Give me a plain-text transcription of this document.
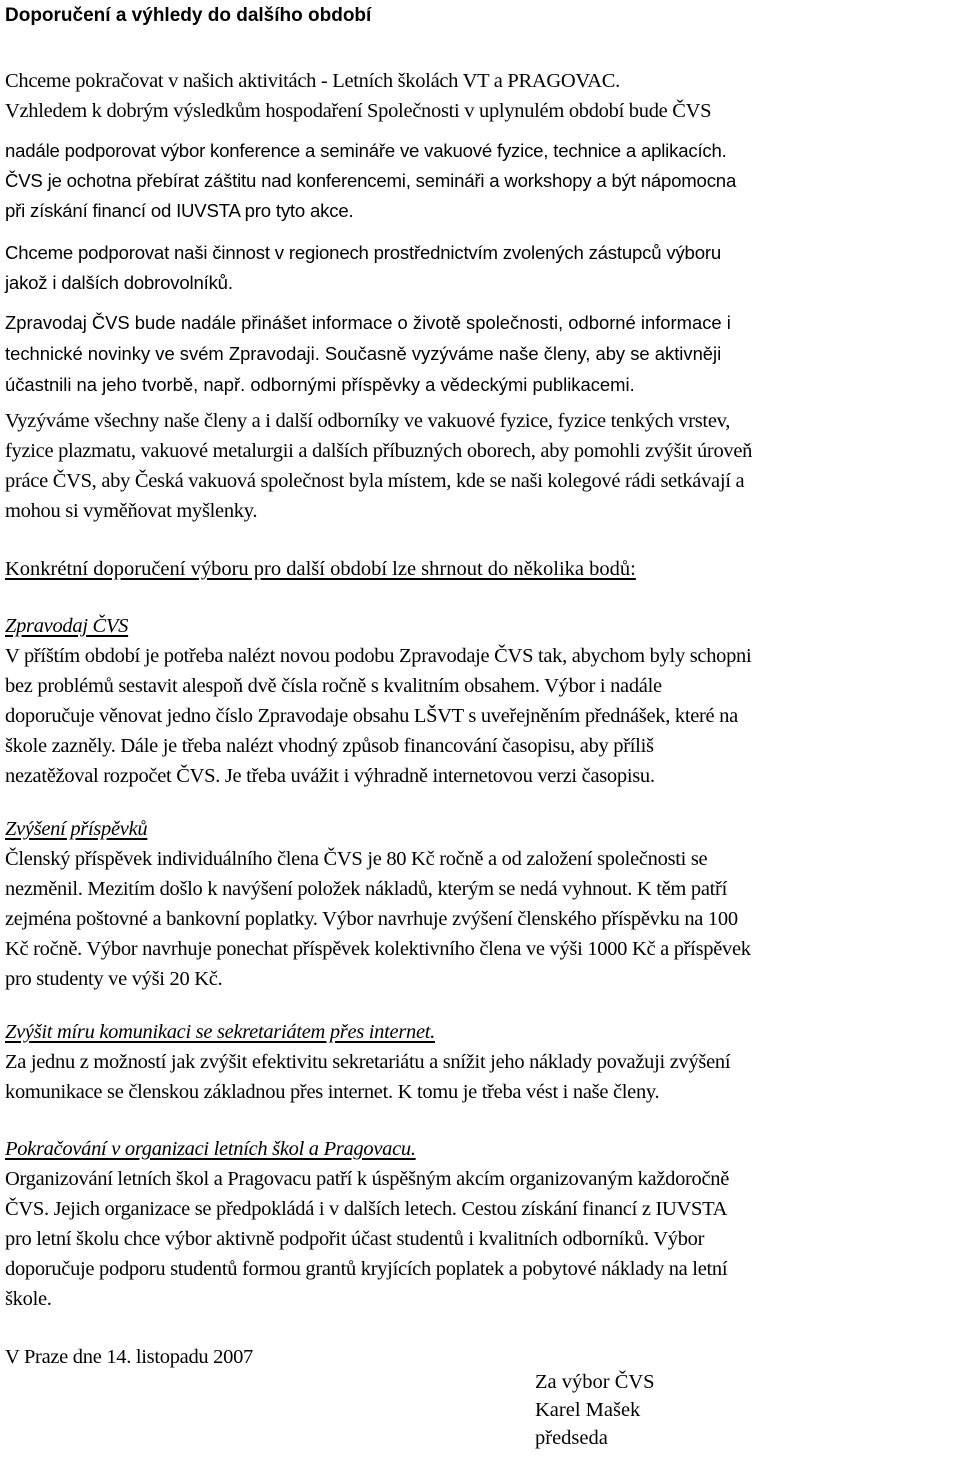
Doporučení a výhledy do dalšího období
Chceme pokračovat v našich aktivitách - Letních školách VT a PRAGOVAC.
Vzhledem k dobrým výsledkům hospodaření Společnosti v uplynulém období bude ČVS
nadále podporovat výbor konference a semináře ve vakuové fyzice, technice a aplikacích.
ČVS je ochotna přebírat záštitu nad konferencemi, semináři a workshopy a být nápomocna
při získání financí od IUVSTA pro tyto akce.
Chceme podporovat naši činnost v regionech prostřednictvím zvolených zástupců výboru
jakož i dalších dobrovolníků.
Zpravodaj ČVS bude nadále přinášet informace o životě společnosti, odborné informace i
technické novinky ve svém Zpravodaji. Současně vyzýváme naše členy, aby se aktivněji
účastnili na jeho tvorbě, např. odbornými příspěvky a vědeckými publikacemi.
Vyzýváme všechny naše členy a i další odborníky ve vakuové fyzice, fyzice tenkých vrstev,
fyzice plazmatu, vakuové metalurgii a dalších příbuzných oborech, aby pomohli zvýšit úroveň
práce ČVS, aby Česká vakuová společnost byla místem, kde se naši kolegové rádi setkávají a
mohou si vyměňovat myšlenky.
Konkrétní doporučení výboru pro další období lze shrnout do několika bodů:
Zpravodaj ČVS
V příštím období je potřeba nalézt novou podobu Zpravodaje ČVS tak, abychom byly schopni
bez problémů sestavit alespoň dvě čísla ročně s kvalitním obsahem. Výbor i nadále
doporučuje věnovat jedno číslo Zpravodaje obsahu LŠVT s uveřejněním přednášek, které na
škole zazněly. Dále je třeba nalézt vhodný způsob financování časopisu, aby příliš
nezatěžoval rozpočet ČVS. Je třeba uvážit i výhradně internetovou verzi časopisu.
Zvýšení příspěvků
Členský příspěvek individuálního člena ČVS je 80 Kč ročně a od založení společnosti se
nezměnil. Mezitím došlo k navýšení položek nákladů, kterým se nedá vyhnout. K těm patří
zejména poštovné a bankovní poplatky. Výbor navrhuje zvýšení členského příspěvku na 100
Kč ročně. Výbor navrhuje ponechat příspěvek kolektivního člena ve výši 1000 Kč a příspěvek
pro studenty ve výši 20 Kč.
Zvýšit míru komunikaci se sekretariátem přes internet.
Za jednu z možností jak zvýšit efektivitu sekretariátu a snížit jeho náklady považuji zvýšení
komunikace se členskou základnou přes internet. K tomu je třeba vést i naše členy.
Pokračování v organizaci letních škol a Pragovacu.
Organizování letních škol a Pragovacu patří k úspěšným akcím organizovaným každoročně
ČVS. Jejich organizace se předpokládá i v dalších letech. Cestou získání financí z IUVSTA
pro letní školu chce výbor aktivně podpořit účast studentů i kvalitních odborníků. Výbor
doporučuje podporu studentů formou grantů kryjících poplatek a pobytové náklady na letní
škole.
V Praze dne 14. listopadu 2007
Za výbor ČVS
Karel Mašek
předseda
